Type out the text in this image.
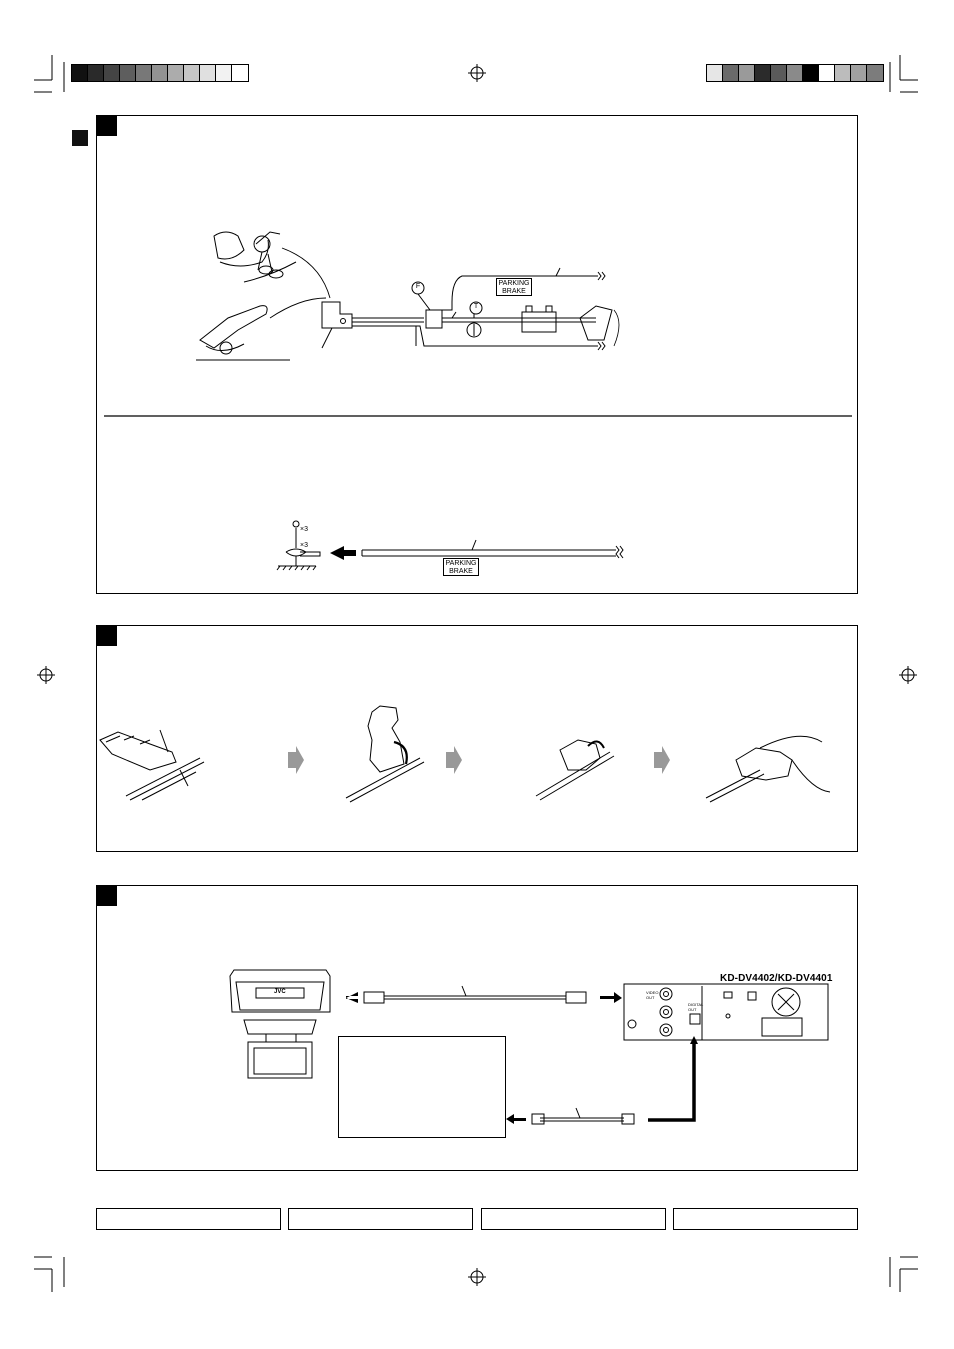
PARKING
BRAKE
PARKING
BRAKE
F
T
×3
×3
KD-DV4402/KD-DV4401
JVC	VIDEO
OUT
DIGITAL
OUT
